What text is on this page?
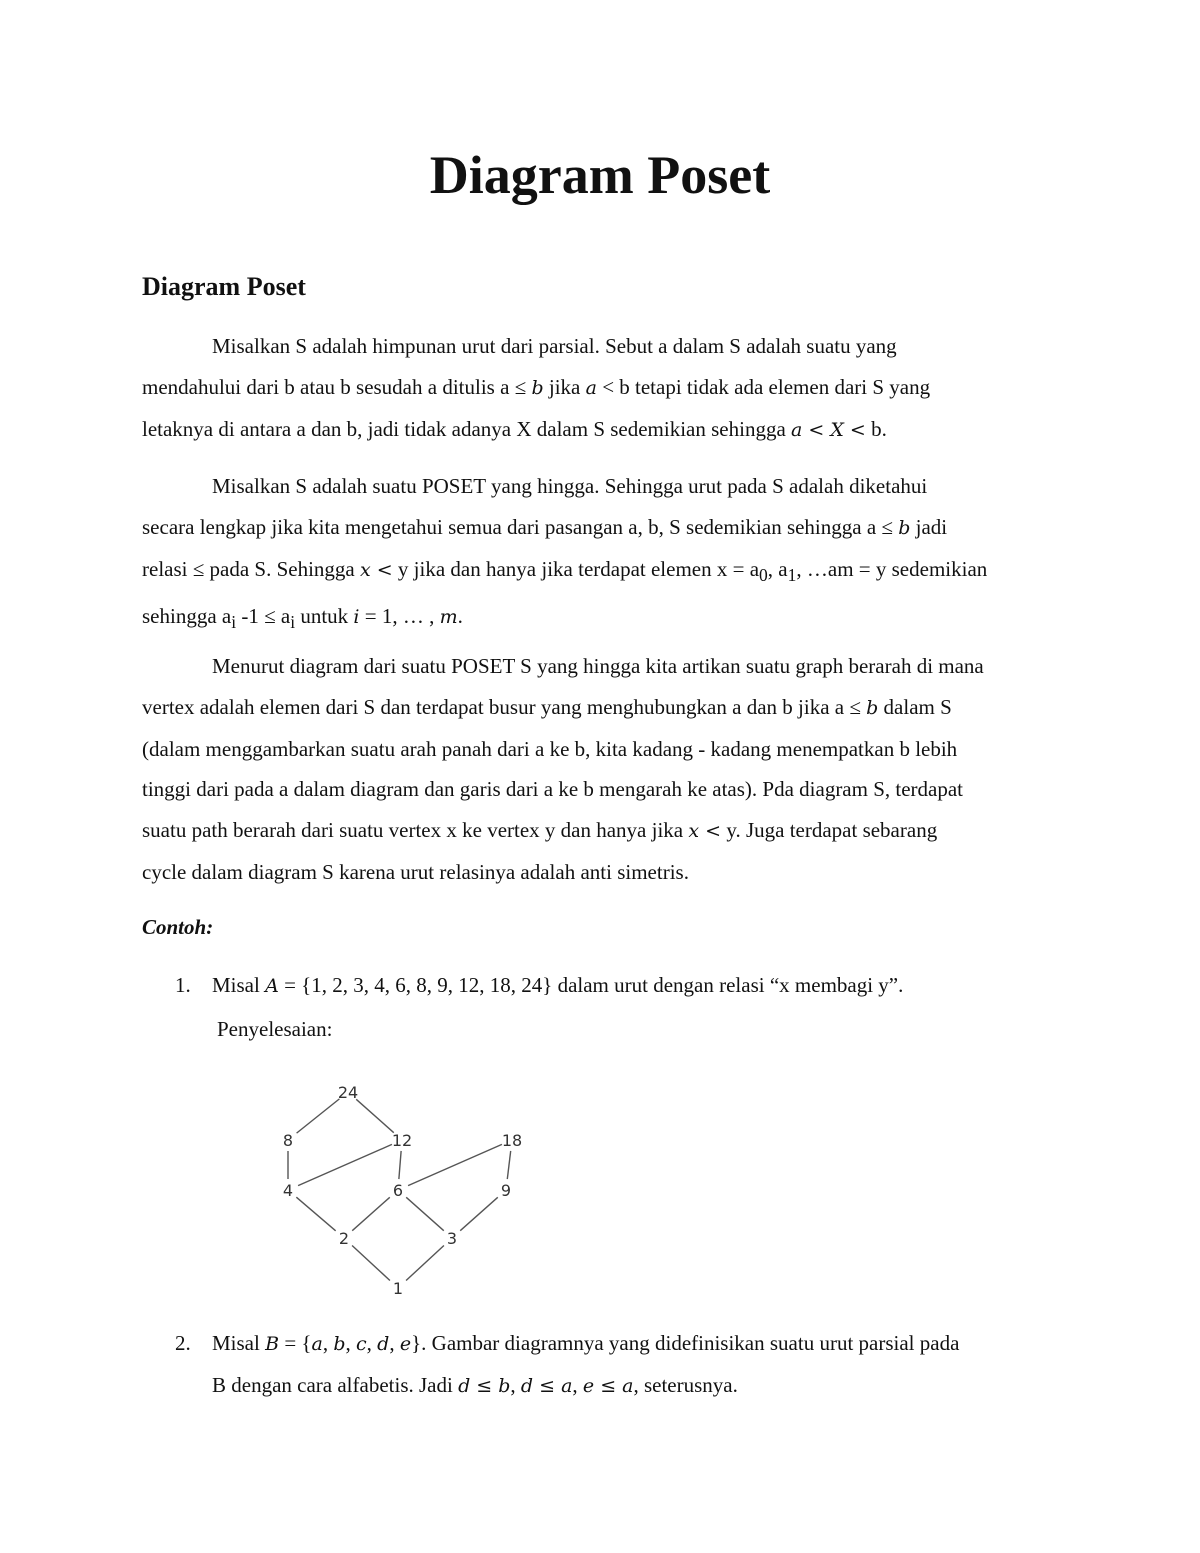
Diagram Poset
Diagram Poset
Misalkan S adalah himpunan urut dari parsial. Sebut a dalam S adalah suatu yang
mendahului dari b atau b sesudah a ditulis a ≤ b jika a < b tetapi tidak ada elemen dari S yang
letaknya di antara a dan b, jadi tidak adanya X dalam S sedemikian sehingga a < X < b.
Misalkan S adalah suatu POSET yang hingga. Sehingga urut pada S adalah diketahui
secara lengkap jika kita mengetahui semua dari pasangan a, b, S sedemikian sehingga a ≤ b jadi
relasi ≤ pada S. Sehingga x < y jika dan hanya jika terdapat elemen $x = a_0$, $a_1$, …am = y sedemikian
sehingga $a_i$ $-1 \le a_i$ untuk i = 1, … , m.
Menurut diagram dari suatu POSET S yang hingga kita artikan suatu graph berarah di mana
vertex adalah elemen dari S dan terdapat busur yang menghubungkan a dan b jika a ≤ b dalam S
(dalam menggambarkan suatu arah panah dari a ke b, kita kadang - kadang menempatkan b lebih
tinggi dari pada a dalam diagram dan garis dari a ke b mengarah ke atas). Pda diagram S, terdapat
suatu path berarah dari suatu vertex x ke vertex y dan hanya jika x < y. Juga terdapat sebarang
cycle dalam diagram S karena urut relasinya adalah anti simetris.
Contoh:
1. Misal A = {1, 2, 3, 4, 6, 8, 9, 12, 18, 24} dalam urut dengan relasi “x membagi y”.
Penyelesaian:
24
8	12	18
4	6	9
2	3
1
2. Misal B = {a, b, c, d, e}. Gambar diagramnya yang didefinisikan suatu urut parsial pada
B dengan cara alfabetis. Jadi d ≤ b, d ≤ a, e ≤ a, seterusnya.
